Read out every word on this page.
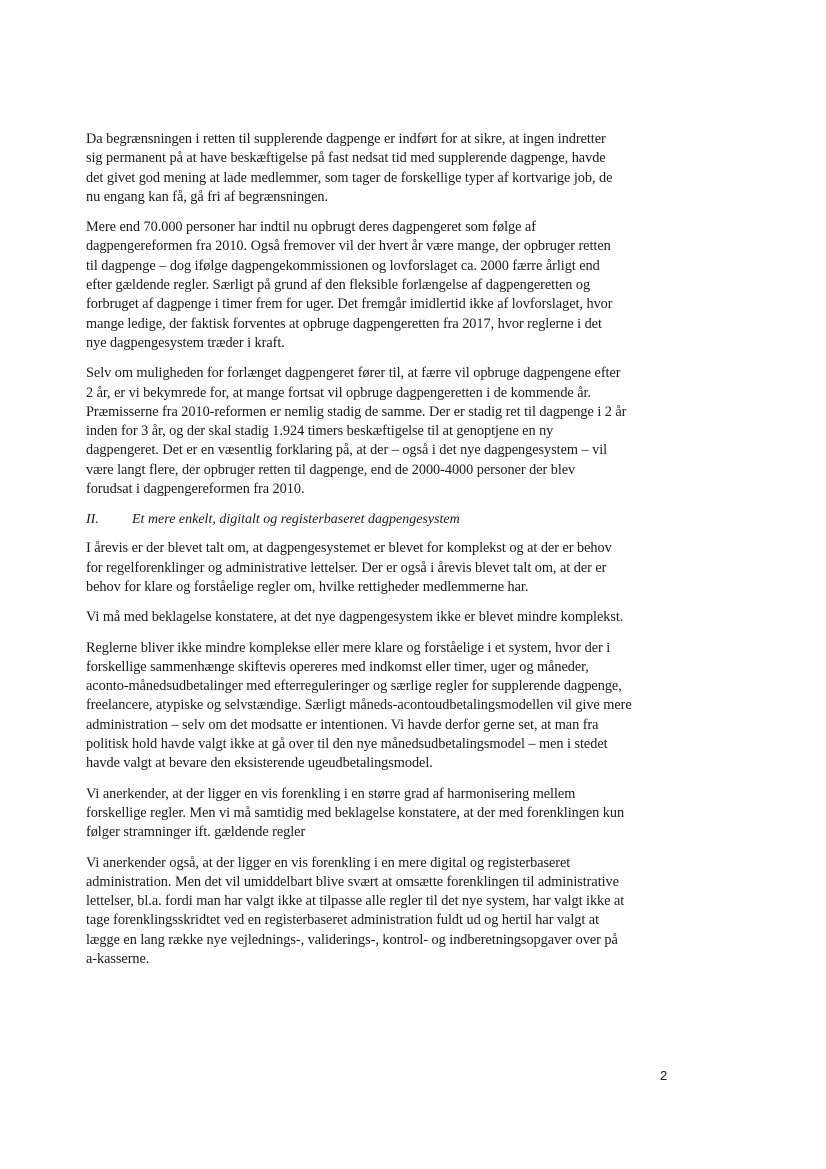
Da begrænsningen i retten til supplerende dagpenge er indført for at sikre, at ingen indretter
sig permanent på at have beskæftigelse på fast nedsat tid med supplerende dagpenge, havde
det givet god mening at lade medlemmer, som tager de forskellige typer af kortvarige job, de
nu engang kan få, gå fri af begrænsningen.
Mere end 70.000 personer har indtil nu opbrugt deres dagpengeret som følge af
dagpengereformen fra 2010. Også fremover vil der hvert år være mange, der opbruger retten
til dagpenge – dog ifølge dagpengekommissionen og lovforslaget ca. 2000 færre årligt end
efter gældende regler. Særligt på grund af den fleksible forlængelse af dagpengeretten og
forbruget af dagpenge i timer frem for uger. Det fremgår imidlertid ikke af lovforslaget, hvor
mange ledige, der faktisk forventes at opbruge dagpengeretten fra 2017, hvor reglerne i det
nye dagpengesystem træder i kraft.
Selv om muligheden for forlænget dagpengeret fører til, at færre vil opbruge dagpengene efter
2 år, er vi bekymrede for, at mange fortsat vil opbruge dagpengeretten i de kommende år.
Præmisserne fra 2010-reformen er nemlig stadig de samme. Der er stadig ret til dagpenge i 2 år
inden for 3 år, og der skal stadig 1.924 timers beskæftigelse til at genoptjene en ny
dagpengeret. Det er en væsentlig forklaring på, at der – også i det nye dagpengesystem – vil
være langt flere, der opbruger retten til dagpenge, end de 2000-4000 personer der blev
forudsat i dagpengereformen fra 2010.
II. Et mere enkelt, digitalt og registerbaseret dagpengesystem
I årevis er der blevet talt om, at dagpengesystemet er blevet for komplekst og at der er behov
for regelforenklinger og administrative lettelser. Der er også i årevis blevet talt om, at der er
behov for klare og forståelige regler om, hvilke rettigheder medlemmerne har.
Vi må med beklagelse konstatere, at det nye dagpengesystem ikke er blevet mindre komplekst.
Reglerne bliver ikke mindre komplekse eller mere klare og forståelige i et system, hvor der i
forskellige sammenhænge skiftevis opereres med indkomst eller timer, uger og måneder,
aconto-månedsudbetalinger med efterreguleringer og særlige regler for supplerende dagpenge,
freelancere, atypiske og selvstændige. Særligt måneds-acontoudbetalingsmodellen vil give mere
administration – selv om det modsatte er intentionen. Vi havde derfor gerne set, at man fra
politisk hold havde valgt ikke at gå over til den nye månedsudbetalingsmodel – men i stedet
havde valgt at bevare den eksisterende ugeudbetalingsmodel.
Vi anerkender, at der ligger en vis forenkling i en større grad af harmonisering mellem
forskellige regler. Men vi må samtidig med beklagelse konstatere, at der med forenklingen kun
følger stramninger ift. gældende regler
Vi anerkender også, at der ligger en vis forenkling i en mere digital og registerbaseret
administration. Men det vil umiddelbart blive svært at omsætte forenklingen til administrative
lettelser, bl.a. fordi man har valgt ikke at tilpasse alle regler til det nye system, har valgt ikke at
tage forenklingsskridtet ved en registerbaseret administration fuldt ud og hertil har valgt at
lægge en lang række nye vejlednings-, validerings-, kontrol- og indberetningsopgaver over på
a-kasserne.
2
